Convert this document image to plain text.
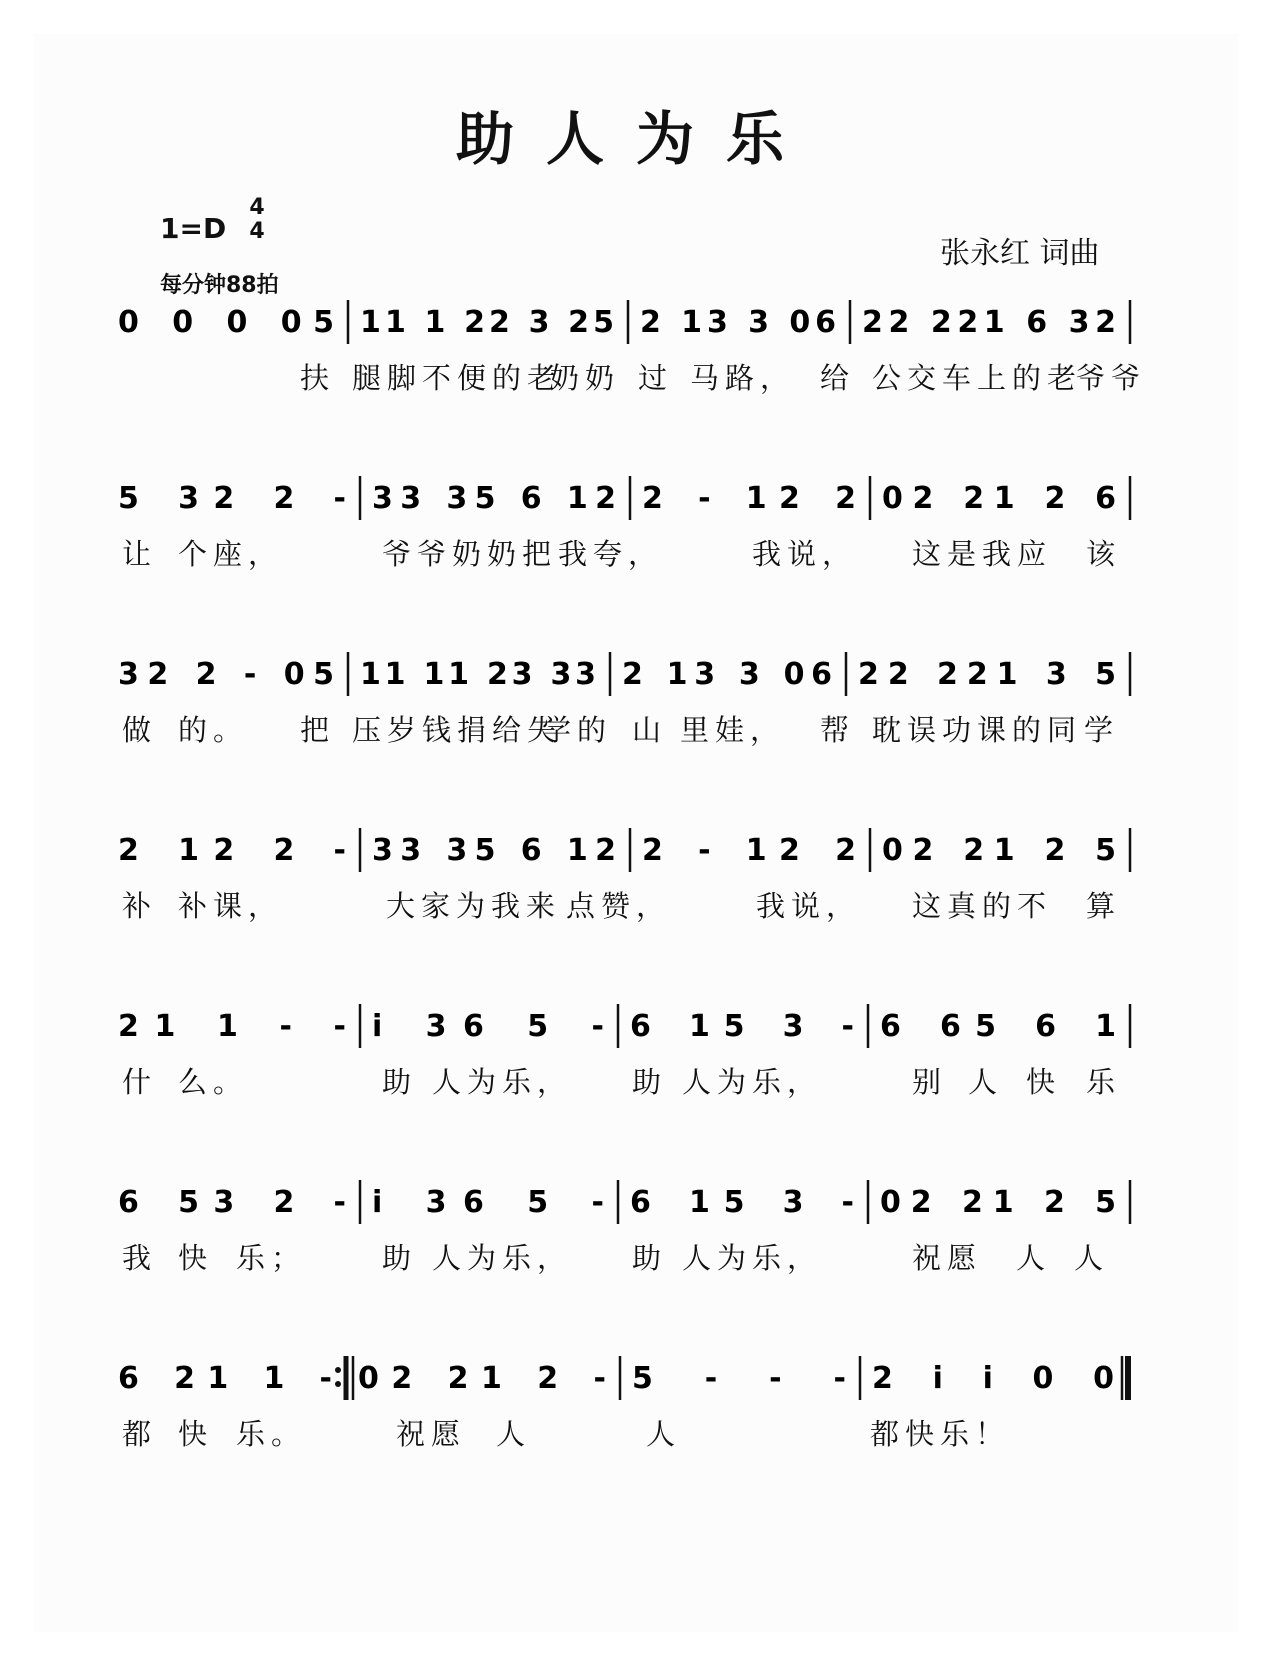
助人为乐
1=D
4
4
每分钟88拍
张永红 词曲
0 0 0 05 11 1 22 3 25 2 13 3 06 22 221 6 32
扶 腿脚不便的老
奶奶 过 马路， 给 公交车上的老
爷爷
5 32 2 - 33 35 6 12 2 - 12 2 02 21 2 6
让 个座，	爷爷奶奶把 我夸，	我说， 这是我应 该
32 2 - 05 11 11 23 33 2 13 3 06 22 221 3 5
做 的。 把 压岁钱捐给失
学的 山 里娃， 帮 耽误功课的同 学
2 12 2 - 33 35 6 12 2 - 12 2 02 21 2 5
补 补课，	大家为我来 点赞，	我说， 这真的不 算
21 1 - - i 36 5 - 6 15 3 - 6 65 6 1
什 么。	助 人为乐， 助 人为乐，	别 人 快 乐
6 53 2 - i 36 5 - 6 15 3 - 02 21 2 5
我 快 乐；	助 人为乐， 助 人为乐，	祝愿 人 人
6 21 1 - 02 21 2 - 5 - - - 2 i i 0 0
都 快 乐。	祝愿 人	人	都快乐！
